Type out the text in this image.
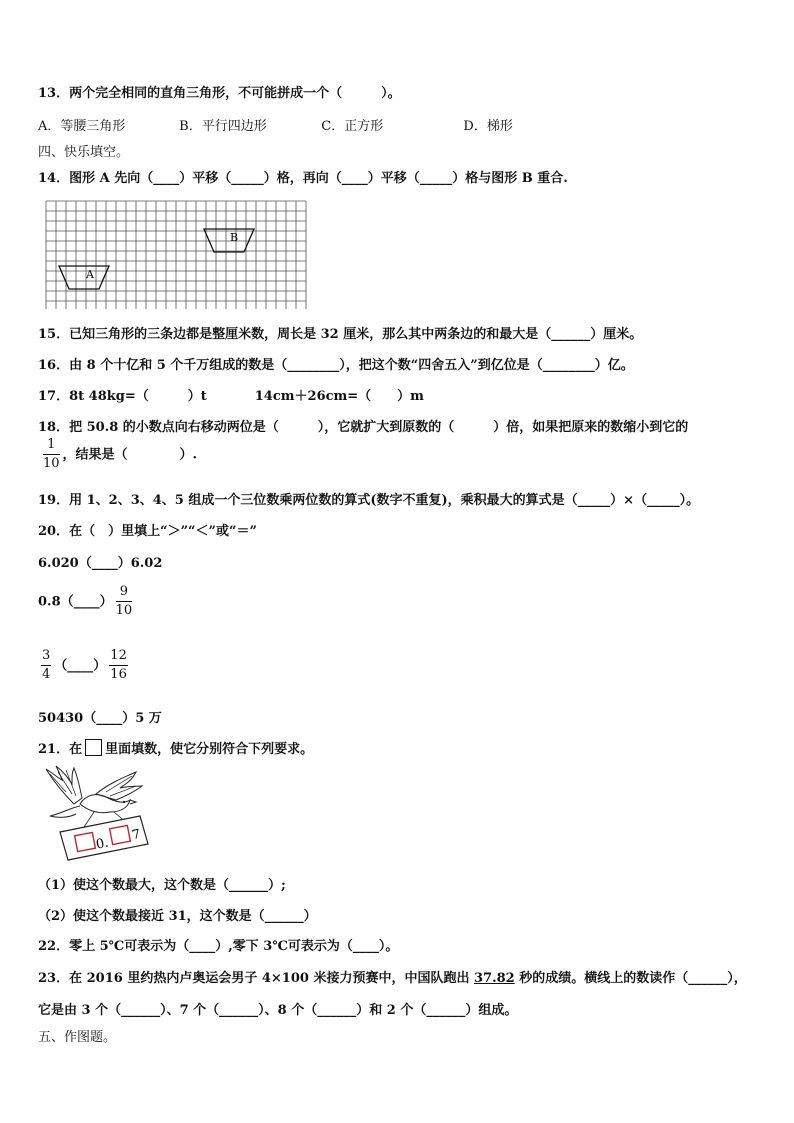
13．两个完全相同的直角三角形，不可能拼成一个（　　　）。
A．等腰三角形	B．平行四边形	C．正方形	D．梯形
四、快乐填空。
14．图形 A 先向（____）平移（_____）格，再向（____）平移（_____）格与图形 B 重合.
B
A
15．已知三角形的三条边都是整厘米数，周长是 32 厘米，那么其中两条边的和最大是（______）厘米。
16．由 8 个十亿和 5 个千万组成的数是（________），把这个数“四舍五入”到亿位是（________）亿。
17．8t 48kg=（　　　）t	14cm＋26cm=（　　）m
18．把 50.8 的小数点向右移动两位是（　　　），它就扩大到原数的（　　　）倍，如果把原来的数缩小到它的
$\frac{1}{10}$ ，结果是（　　　　）.
19．用 1、2、3、4、5 组成一个三位数乘两位数的算式(数字不重复)，乘积最大的算式是（_____）×（_____）。
20．在（　）里填上“＞”“＜”或“＝”
6.020（____）6.02
0.8（____） $\frac{9}{10}$
$\frac{3}{4}$ （____） $\frac{12}{16}$
50430（____）5 万
21．在 里面填数，使它分别符合下列要求。
0.
7
（1）使这个数最大，这个数是（______）;
（2）使这个数最接近 31，这个数是（______）
22．零上 5℃可表示为（____）,零下 3℃可表示为（____）。
23．在 2016 里约热内卢奥运会男子 4×100 米接力预赛中，中国队跑出 37.82 秒的成绩。横线上的数读作（______），
它是由 3 个（______）、7 个（______）、8 个（______）和 2 个（______）组成。
五、作图题。
